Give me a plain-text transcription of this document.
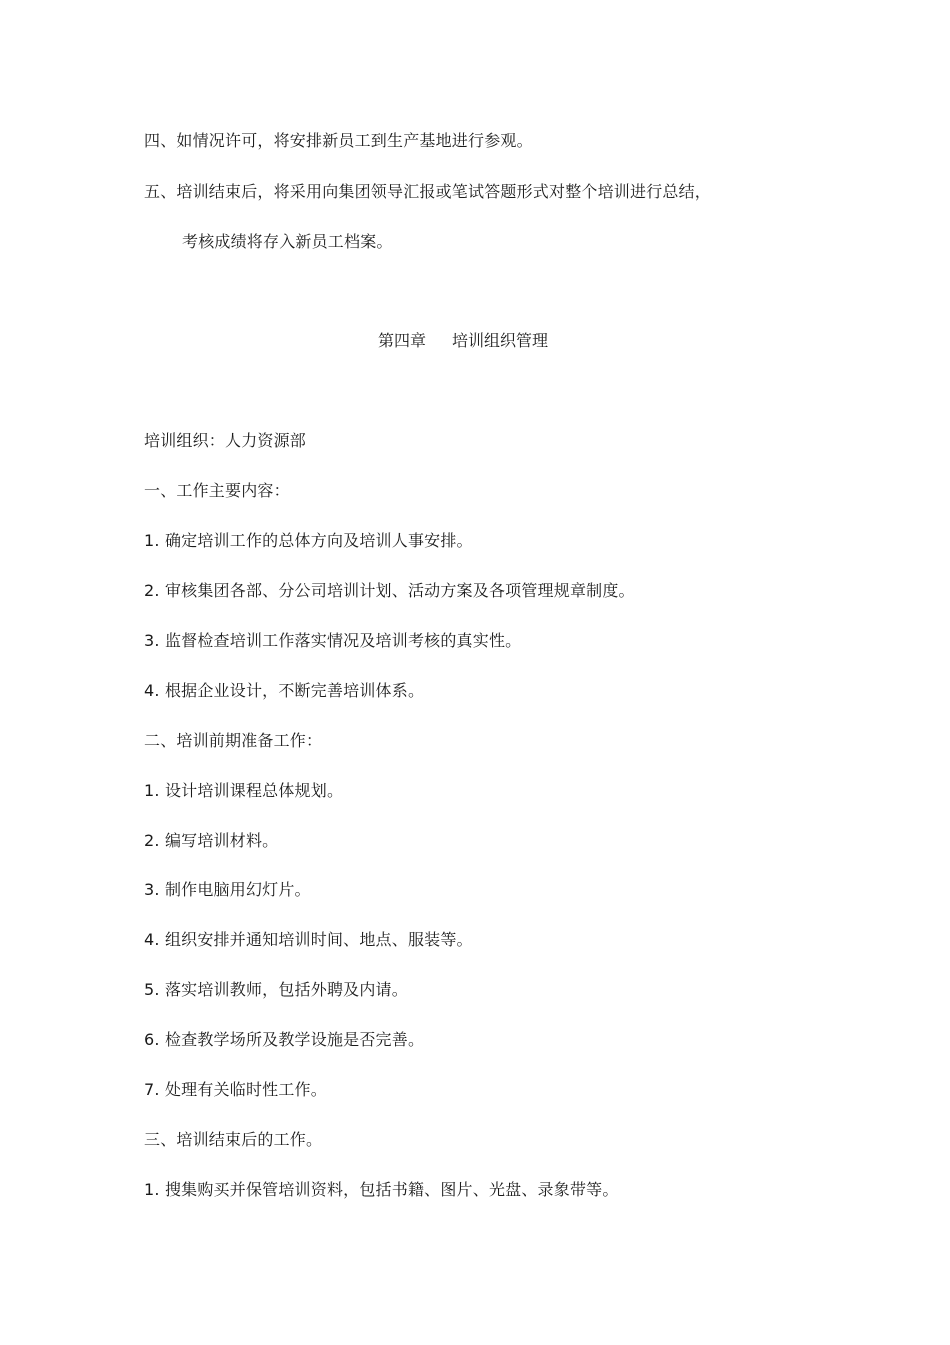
四、如情况许可，将安排新员工到生产基地进行参观。
五、培训结束后，将采用向集团领导汇报或笔试答题形式对整个培训进行总结，
考核成绩将存入新员工档案。
第四章 培训组织管理
培训组织：人力资源部
一、工作主要内容：
1. 确定培训工作的总体方向及培训人事安排。
2. 审核集团各部、分公司培训计划、活动方案及各项管理规章制度。
3. 监督检查培训工作落实情况及培训考核的真实性。
4. 根据企业设计，不断完善培训体系。
二、培训前期准备工作：
1. 设计培训课程总体规划。
2. 编写培训材料。
3. 制作电脑用幻灯片。
4. 组织安排并通知培训时间、地点、服装等。
5. 落实培训教师，包括外聘及内请。
6. 检查教学场所及教学设施是否完善。
7. 处理有关临时性工作。
三、培训结束后的工作。
1. 搜集购买并保管培训资料，包括书籍、图片、光盘、录象带等。
